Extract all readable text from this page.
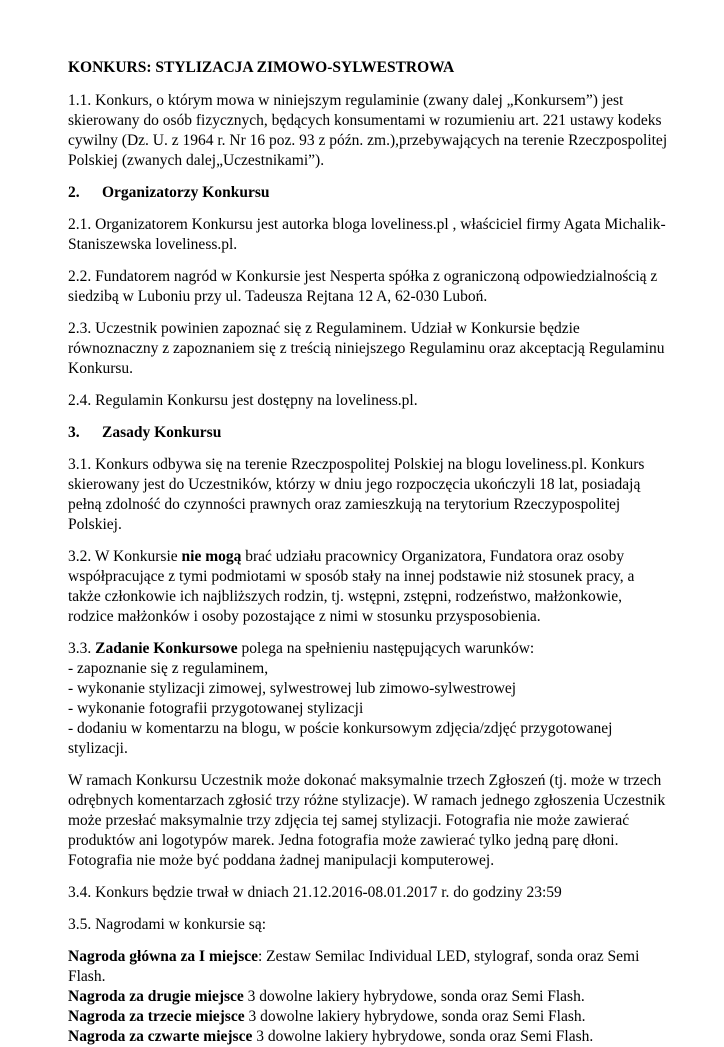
KONKURS: STYLIZACJA ZIMOWO-SYLWESTROWA

1.1. Konkurs, o którym mowa w niniejszym regulaminie (zwany dalej „Konkursem”) jest skierowany do osób fizycznych, będących konsumentami w rozumieniu art. 221 ustawy kodeks cywilny (Dz. U. z 1964 r. Nr 16 poz. 93 z późn. zm.),przebywających na terenie Rzeczpospolitej Polskiej (zwanych dalej„Uczestnikami”).

2. Organizatorzy Konkursu

2.1. Organizatorem Konkursu jest autorka bloga loveliness.pl , właściciel firmy Agata Michalik-Staniszewska loveliness.pl.

2.2. Fundatorem nagród w Konkursie jest Nesperta spółka z ograniczoną odpowiedzialnością z siedzibą w Luboniu przy ul. Tadeusza Rejtana 12 A, 62-030 Luboń.

2.3. Uczestnik powinien zapoznać się z Regulaminem. Udział w Konkursie będzie równoznaczny z zapoznaniem się z treścią niniejszego Regulaminu oraz akceptacją Regulaminu Konkursu.

2.4. Regulamin Konkursu jest dostępny na loveliness.pl.

3. Zasady Konkursu

3.1. Konkurs odbywa się na terenie Rzeczpospolitej Polskiej na blogu loveliness.pl. Konkurs skierowany jest do Uczestników, którzy w dniu jego rozpoczęcia ukończyli 18 lat, posiadają pełną zdolność do czynności prawnych oraz zamieszkują na terytorium Rzeczypospolitej Polskiej.

3.2. W Konkursie nie mogą brać udziału pracownicy Organizatora, Fundatora oraz osoby współpracujące z tymi podmiotami w sposób stały na innej podstawie niż stosunek pracy, a także członkowie ich najbliższych rodzin, tj. wstępni, zstępni, rodzeństwo, małżonkowie, rodzice małżonków i osoby pozostające z nimi w stosunku przysposobienia.

3.3. Zadanie Konkursowe polega na spełnieniu następujących warunków:
- zapoznanie się z regulaminem,
- wykonanie stylizacji zimowej, sylwestrowej lub zimowo-sylwestrowej
- wykonanie fotografii przygotowanej stylizacji
- dodaniu w komentarzu na blogu, w poście konkursowym zdjęcia/zdjęć przygotowanej stylizacji.

W ramach Konkursu Uczestnik może dokonać maksymalnie trzech Zgłoszeń (tj. może w trzech odrębnych komentarzach zgłosić trzy różne stylizacje). W ramach jednego zgłoszenia Uczestnik może przesłać maksymalnie trzy zdjęcia tej samej stylizacji. Fotografia nie może zawierać produktów ani logotypów marek. Jedna fotografia może zawierać tylko jedną parę dłoni. Fotografia nie może być poddana żadnej manipulacji komputerowej.

3.4. Konkurs będzie trwał w dniach 21.12.2016-08.01.2017 r. do godziny 23:59

3.5. Nagrodami w konkursie są:

Nagroda główna za I miejsce: Zestaw Semilac Individual LED, stylograf, sonda oraz Semi Flash.
Nagroda za drugie miejsce 3 dowolne lakiery hybrydowe, sonda oraz Semi Flash.
Nagroda za trzecie miejsce 3 dowolne lakiery hybrydowe, sonda oraz Semi Flash.
Nagroda za czwarte miejsce 3 dowolne lakiery hybrydowe, sonda oraz Semi Flash.
